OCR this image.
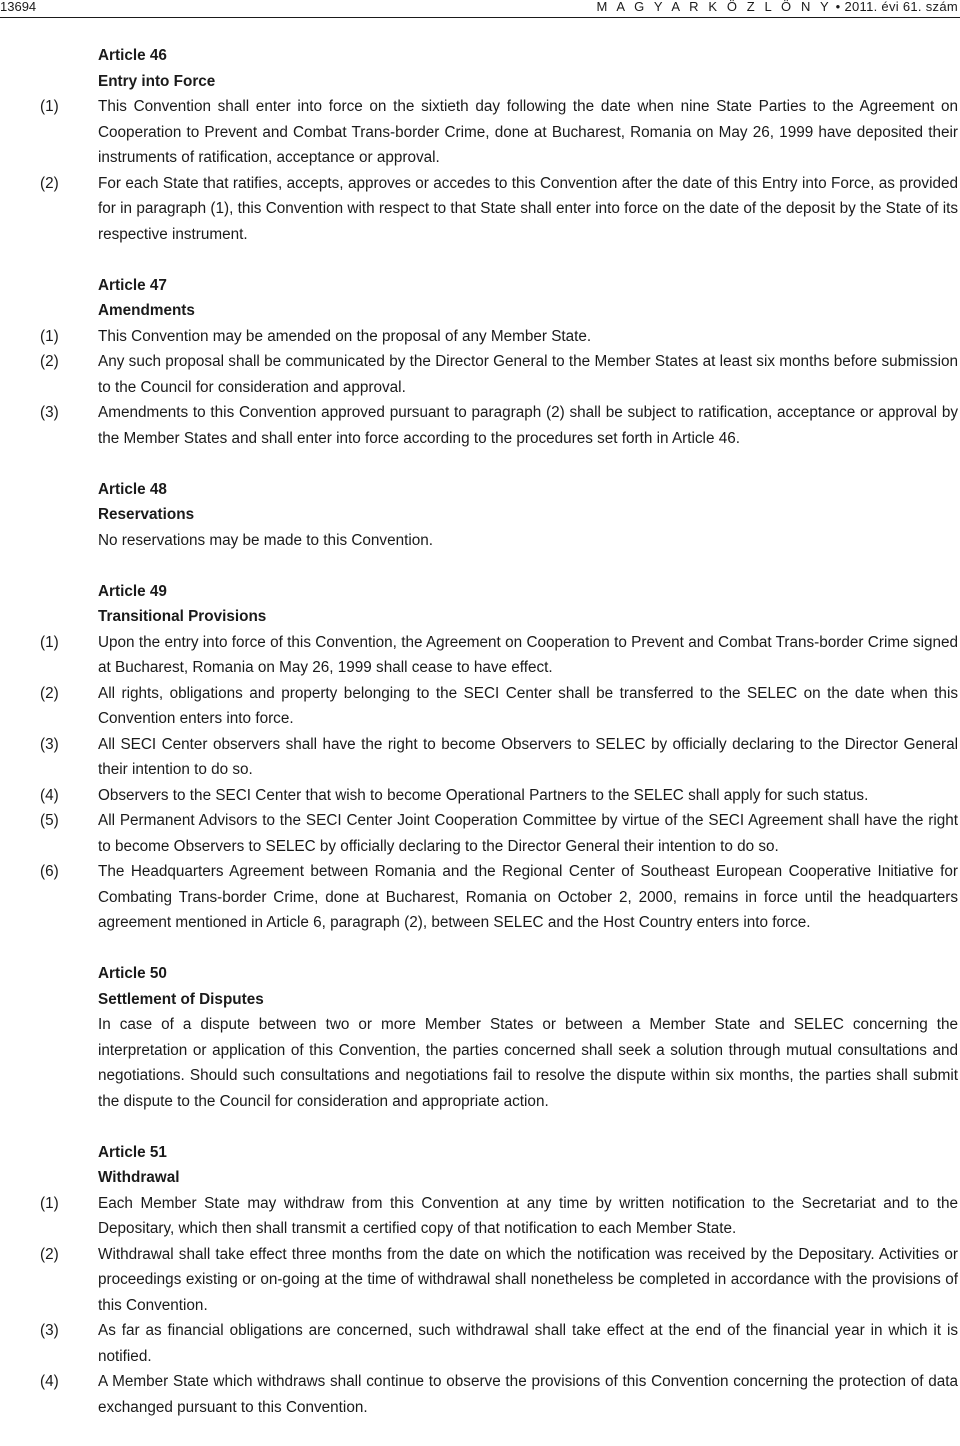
13694	M A G Y A R K Ö Z L Ö N Y • 2011. évi 61. szám
Article 46
Entry into Force
(1)	This Convention shall enter into force on the sixtieth day following the date when nine State Parties to the Agreement on Cooperation to Prevent and Combat Trans-border Crime, done at Bucharest, Romania on May 26, 1999 have deposited their instruments of ratification, acceptance or approval.
(2)	For each State that ratifies, accepts, approves or accedes to this Convention after the date of this Entry into Force, as provided for in paragraph (1), this Convention with respect to that State shall enter into force on the date of the deposit by the State of its respective instrument.
Article 47
Amendments
(1)	This Convention may be amended on the proposal of any Member State.
(2)	Any such proposal shall be communicated by the Director General to the Member States at least six months before submission to the Council for consideration and approval.
(3)	Amendments to this Convention approved pursuant to paragraph (2) shall be subject to ratification, acceptance or approval by the Member States and shall enter into force according to the procedures set forth in Article 46.
Article 48
Reservations
No reservations may be made to this Convention.
Article 49
Transitional Provisions
(1)	Upon the entry into force of this Convention, the Agreement on Cooperation to Prevent and Combat Trans-border Crime signed at Bucharest, Romania on May 26, 1999 shall cease to have effect.
(2)	All rights, obligations and property belonging to the SECI Center shall be transferred to the SELEC on the date when this Convention enters into force.
(3)	All SECI Center observers shall have the right to become Observers to SELEC by officially declaring to the Director General their intention to do so.
(4)	Observers to the SECI Center that wish to become Operational Partners to the SELEC shall apply for such status.
(5)	All Permanent Advisors to the SECI Center Joint Cooperation Committee by virtue of the SECI Agreement shall have the right to become Observers to SELEC by officially declaring to the Director General their intention to do so.
(6)	The Headquarters Agreement between Romania and the Regional Center of Southeast European Cooperative Initiative for Combating Trans-border Crime, done at Bucharest, Romania on October 2, 2000, remains in force until the headquarters agreement mentioned in Article 6, paragraph (2), between SELEC and the Host Country enters into force.
Article 50
Settlement of Disputes
In case of a dispute between two or more Member States or between a Member State and SELEC concerning the interpretation or application of this Convention, the parties concerned shall seek a solution through mutual consultations and negotiations. Should such consultations and negotiations fail to resolve the dispute within six months, the parties shall submit the dispute to the Council for consideration and appropriate action.
Article 51
Withdrawal
(1)	Each Member State may withdraw from this Convention at any time by written notification to the Secretariat and to the Depositary, which then shall transmit a certified copy of that notification to each Member State.
(2)	Withdrawal shall take effect three months from the date on which the notification was received by the Depositary. Activities or proceedings existing or on-going at the time of withdrawal shall nonetheless be completed in accordance with the provisions of this Convention.
(3)	As far as financial obligations are concerned, such withdrawal shall take effect at the end of the financial year in which it is notified.
(4)	A Member State which withdraws shall continue to observe the provisions of this Convention concerning the protection of data exchanged pursuant to this Convention.
